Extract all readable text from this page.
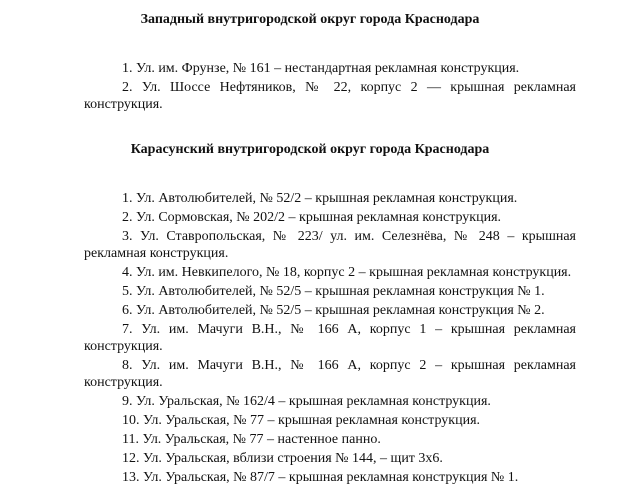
Западный внутригородской округ города Краснодара

1. Ул. им. Фрунзе, № 161 – нестандартная рекламная конструкция.

2. Ул. Шоссе Нефтяников, № 22, корпус 2 — крышная рекламная конструкция.

Карасунский внутригородской округ города Краснодара

1. Ул. Автолюбителей, № 52/2 – крышная рекламная конструкция.

2. Ул. Сормовская, № 202/2 – крышная рекламная конструкция.

3. Ул. Ставропольская, № 223/ ул. им. Селезнёва, № 248 – крышная рекламная конструкция.

4. Ул. им. Невкипелого, № 18, корпус 2 – крышная рекламная конструкция.

5. Ул. Автолюбителей, № 52/5 – крышная рекламная конструкция № 1.

6. Ул. Автолюбителей, № 52/5 – крышная рекламная конструкция № 2.

7. Ул. им. Мачуги В.Н., № 166 А, корпус 1 – крышная рекламная конструкция.

8. Ул. им. Мачуги В.Н., № 166 А, корпус 2 – крышная рекламная конструкция.

9. Ул. Уральская, № 162/4 – крышная рекламная конструкция.

10. Ул. Уральская, № 77 – крышная рекламная конструкция.

11. Ул. Уральская, № 77 – настенное панно.

12. Ул. Уральская, вблизи строения № 144, – щит 3х6.

13. Ул. Уральская, № 87/7 – крышная рекламная конструкция № 1.
